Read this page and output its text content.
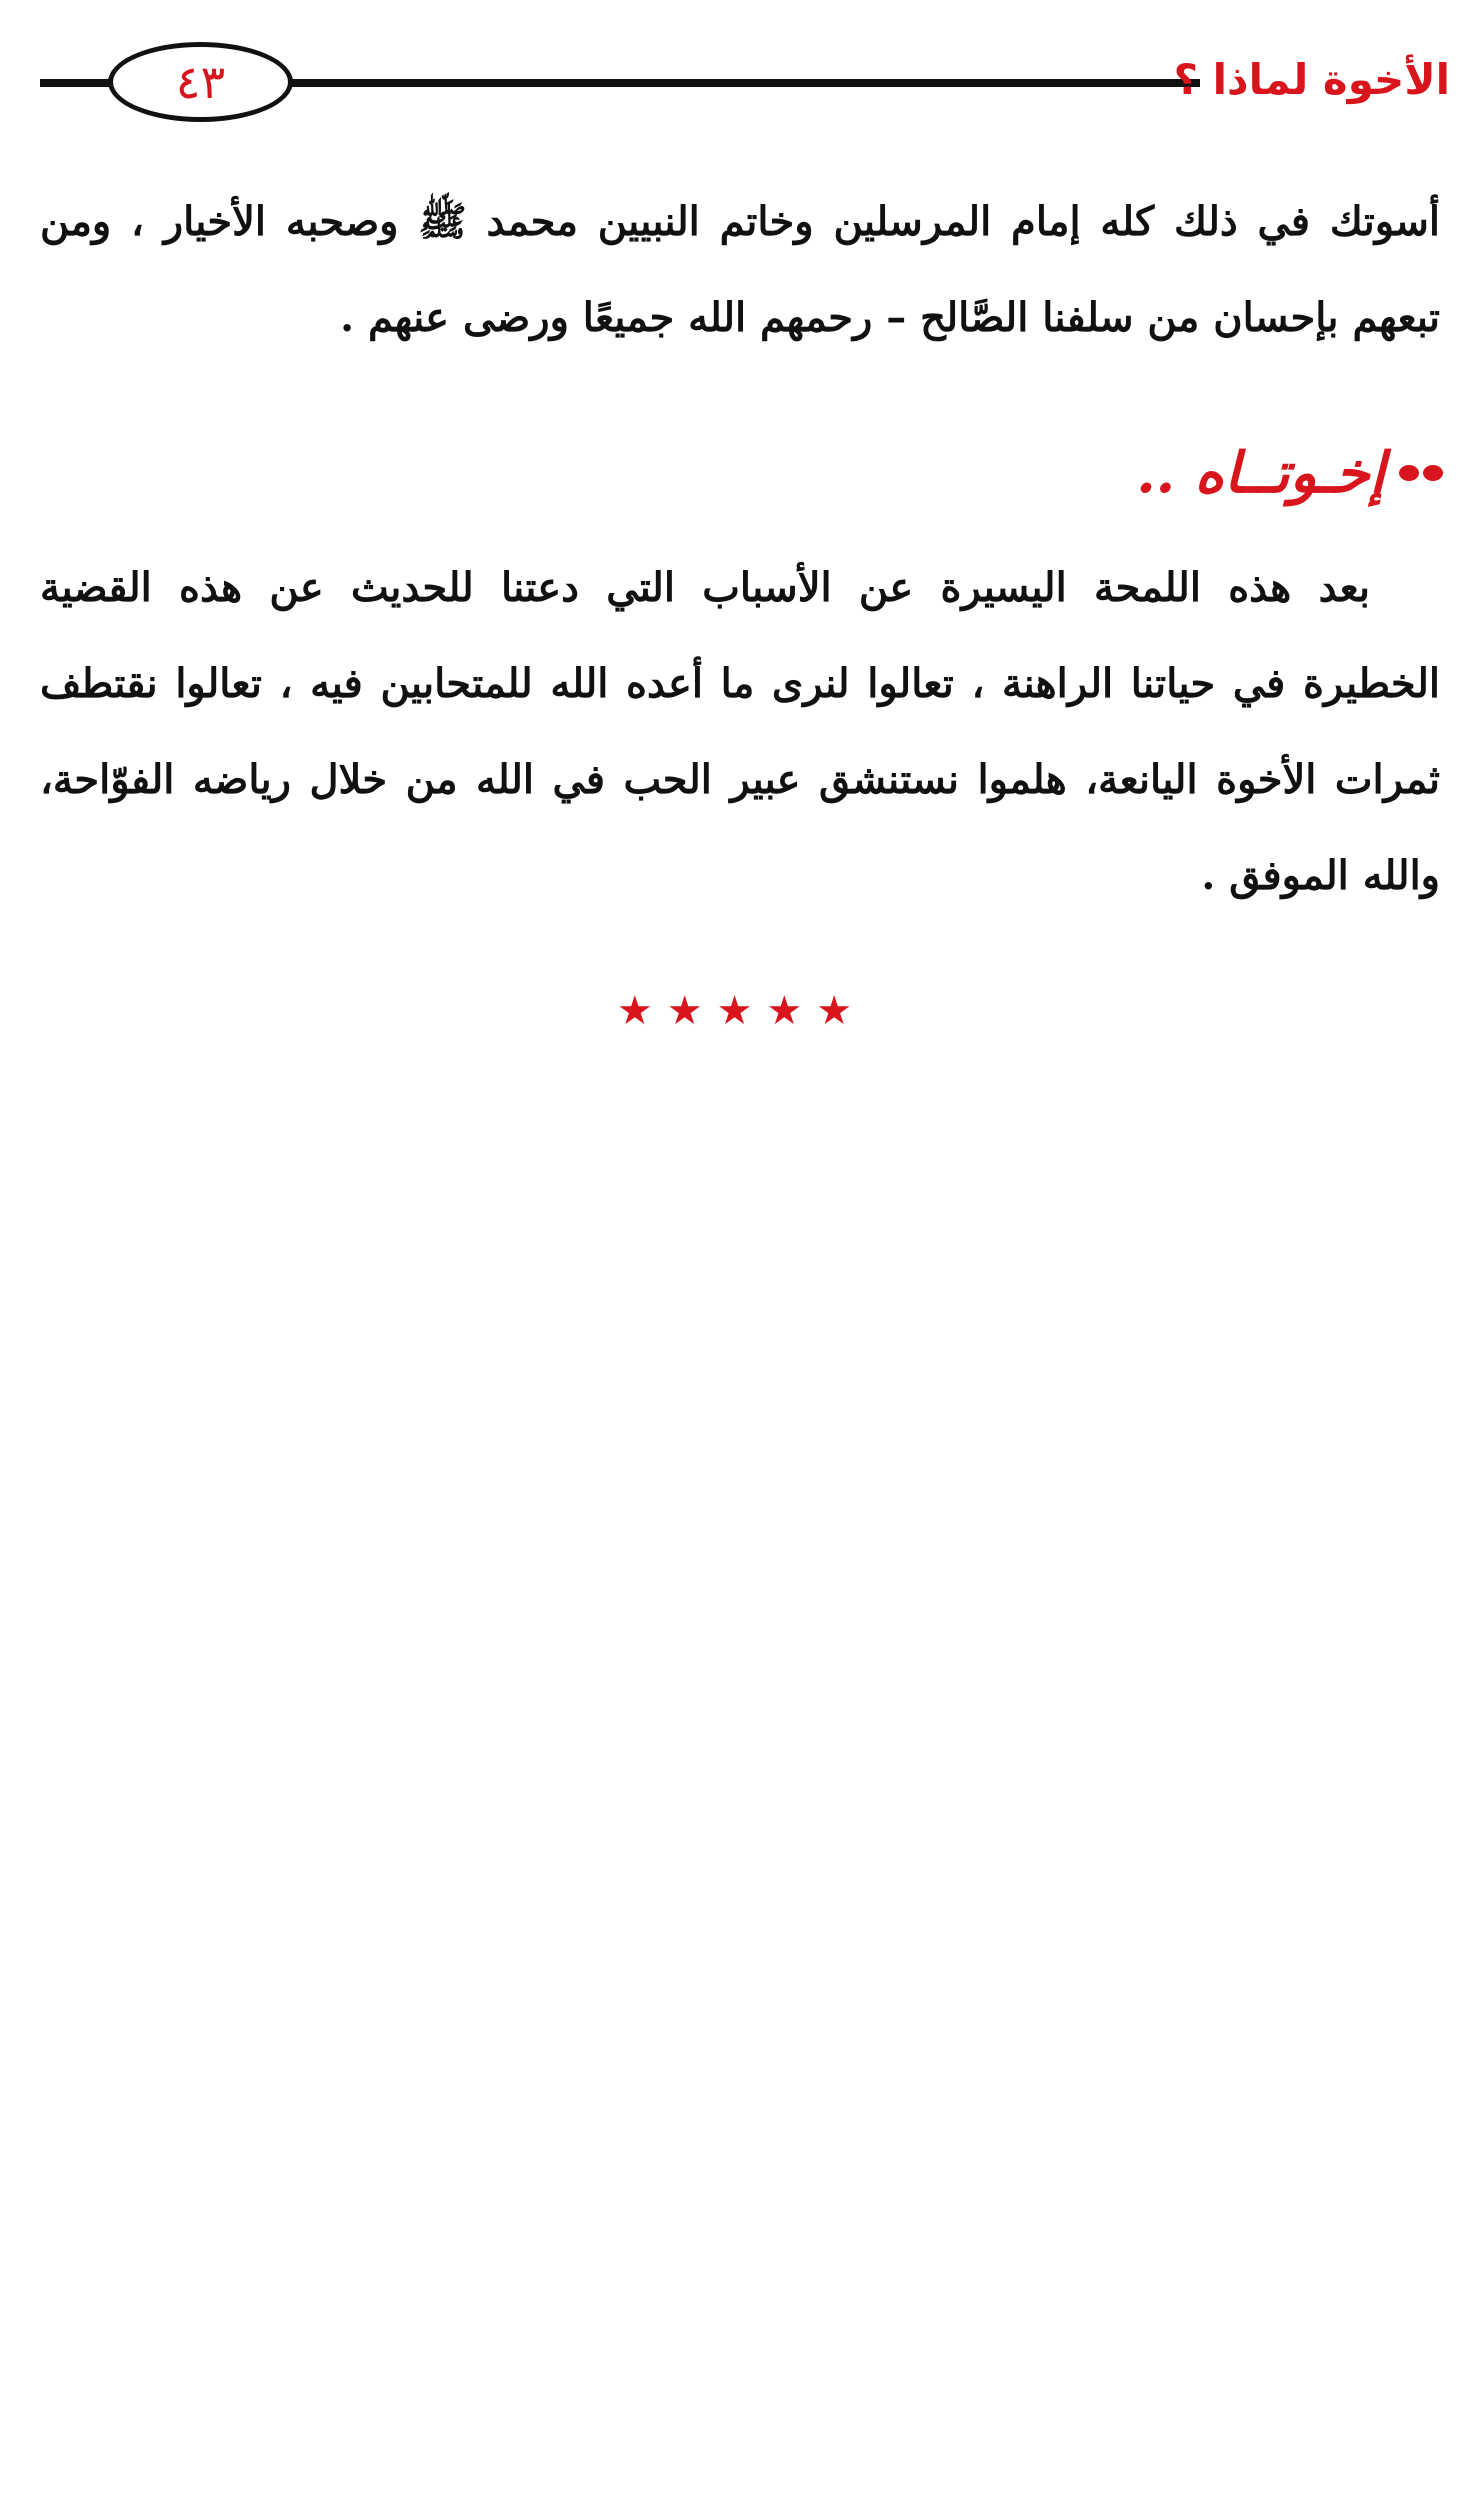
٤٣	الأخوة لماذا ؟

أسوتك في ذلك كله إمام المرسلين وخاتم النبيين محمد ﷺ وصحبه الأخيار ، ومن تبعهم بإحسان من سلفنا الصَّالح – رحمهم الله جميعًا ورضى عنهم .

إخـوتــاه ..

بعد هذه اللمحة اليسيرة عن الأسباب التي دعتنا للحديث عن هذه القضية الخطيرة في حياتنا الراهنة ، تعالوا لنرى ما أعده الله للمتحابين فيه ، تعالوا نقتطف ثمرات الأخوة اليانعة، هلموا نستنشق عبير الحب في الله من خلال رياضه الفوّاحة، والله الموفق .

★★★★★
